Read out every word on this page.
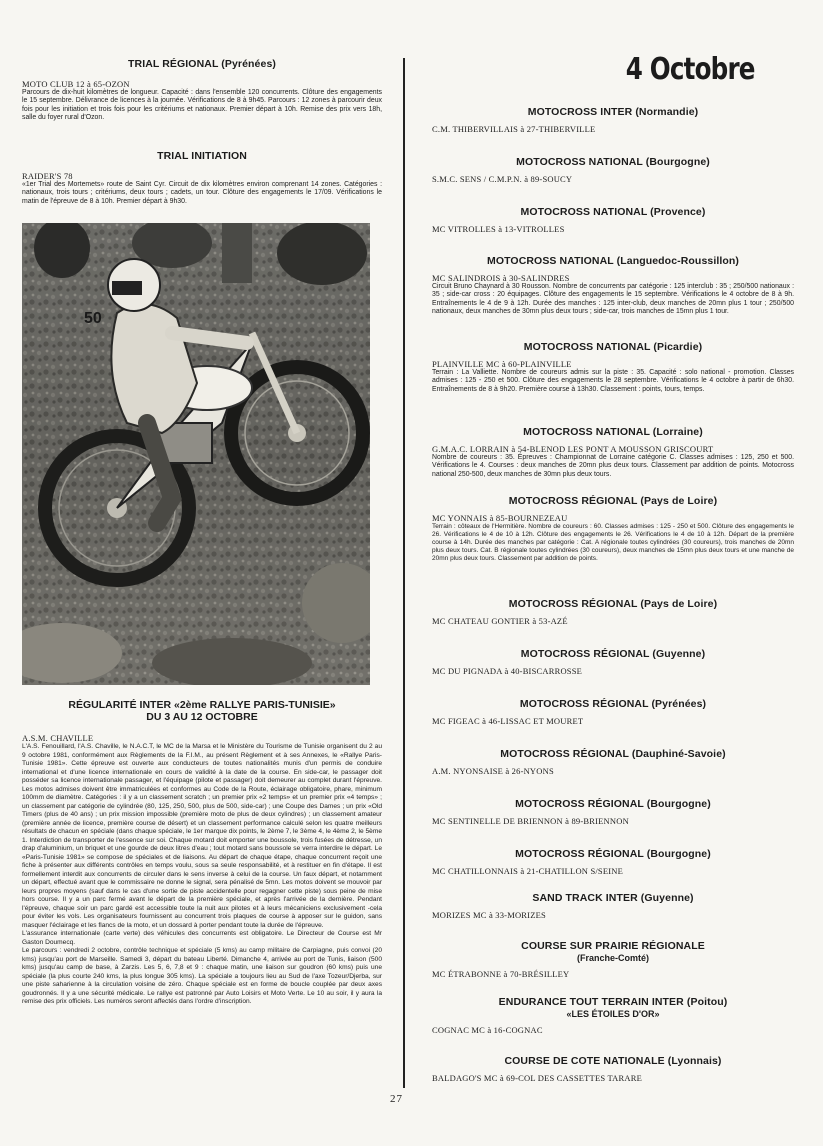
TRIAL RÉGIONAL (Pyrénées)

MOTO CLUB 12 à 65-OZON

Parcours de dix-huit kilomètres de longueur. Capacité : dans l'ensemble 120 concurrents. Clôture des engagements le 15 septembre. Délivrance de licences à la journée. Vérifications de 8 à 9h45. Parcours : 12 zones à parcourir deux fois pour les initiation et trois fois pour les critériums et nationaux. Premier départ à 10h. Remise des prix vers 18h, salle du foyer rural d'Ozon.

TRIAL INITIATION

RAIDER'S 78

«1er Trial des Mortemets» route de Saint Cyr. Circuit de dix kilomètres environ comprenant 14 zones. Catégories : nationaux, trois tours ; critériums, deux tours ; cadets, un tour. Clôture des engagements le 17/09. Vérifications le matin de l'épreuve de 8 à 10h. Premier départ à 9h30.

50

RÉGULARITÉ INTER «2ème RALLYE PARIS-TUNISIE»

DU 3 AU 12 OCTOBRE

A.S.M. CHAVILLE

L'A.S. Fenouillard, l'A.S. Chaville, le N.A.C.T, le MC de la Marsa et le Ministère du Tourisme de Tunisie organisent du 2 au 9 octobre 1981, conformément aux Règlements de la F.I.M., au présent Règlement et à ses Annexes, le «Rallye Paris-Tunisie 1981». Cette épreuve est ouverte aux conducteurs de toutes nationalités munis d'un permis de conduire international et d'une licence internationale en cours de validité à la date de la course. En side-car, le passager doit posséder sa licence internationale passager, et l'équipage (pilote et passager) doit demeurer au complet durant l'épreuve. Les motos admises doivent être immatriculées et conformes au Code de la Route, éclairage obligatoire, phare, minimum 100mm de diamètre. Catégories : il y a un classement scratch ; un premier prix «2 temps» et un premier prix «4 temps» ; un classement par catégorie de cylindrée (80, 125, 250, 500, plus de 500, side-car) ; une Coupe des Dames ; un prix «Old Timers (plus de 40 ans) ; un prix mission impossible (première moto de plus de deux cylindres) ; un classement amateur (première année de licence, première course de désert) et un classement performance calculé selon les quatre meilleurs résultats de chacun en spéciale (dans chaque spéciale, le 1er marque dix points, le 2ème 7, le 3ème 4, le 4ème 2, le 5ème 1. Interdiction de transporter de l'essence sur soi. Chaque motard doit emporter une boussole, trois fusées de détresse, un drap d'aluminium, un briquet et une gourde de deux litres d'eau ; tout motard sans boussole se verra interdire le départ. Le «Paris-Tunisie 1981» se compose de spéciales et de liaisons. Au départ de chaque étape, chaque concurrent reçoit une fiche à présenter aux différents contrôles en temps voulu, sous sa seule responsabilité, et à restituer en fin d'étape. Il est formellement interdit aux concurrents de circuler dans le sens inverse à celui de la course. Un faux départ, et notamment un départ, effectué avant que le commissaire ne donne le signal, sera pénalisé de 5mn. Les motos doivent se mouvoir par leurs propres moyens (sauf dans le cas d'une sortie de piste accidentelle pour regagner cette piste) sous peine de mise hors course. Il y a un parc fermé avant le départ de la première spéciale, et après l'arrivée de la dernière. Pendant l'épreuve, chaque soir un parc gardé est accessible toute la nuit aux pilotes et à leurs mécaniciens exclusivement -cela pour éviter les vols. Les organisateurs fournissent au concurrent trois plaques de course à apposer sur le guidon, sans masquer l'éclairage et les flancs de la moto, et un dossard à porter pendant toute la durée de l'épreuve.

L'assurance internationale (carte verte) des véhicules des concurrents est obligatoire. Le Directeur de Course est Mr Gaston Doumecq.

Le parcours : vendredi 2 octobre, contrôle technique et spéciale (5 kms) au camp militaire de Carpiagne, puis convoi (20 kms) jusqu'au port de Marseille. Samedi 3, départ du bateau Liberté. Dimanche 4, arrivée au port de Tunis, liaison (500 kms) jusqu'au camp de base, à Zarzis. Les 5, 6, 7,8 et 9 : chaque matin, une liaison sur goudron (60 kms) puis une spéciale (la plus courte 240 kms, la plus longue 305 kms). La spéciale a toujours lieu au Sud de l'axe Tozeur/Djerba, sur une piste saharienne à la circulation voisine de zéro. Chaque spéciale est en forme de boucle couplée par deux axes goudronnés. Il y a une sécurité médicale. Le rallye est patronné par Auto Loisirs et Moto Verte. Le 10 au soir, il y aura la remise des prix officiels. Les numéros seront affectés dans l'ordre d'inscription.

4 Octobre

MOTOCROSS INTER (Normandie)

C.M. THIBERVILLAIS à 27-THIBERVILLE

MOTOCROSS NATIONAL (Bourgogne)

S.M.C. SENS / C.M.P.N. à 89-SOUCY

MOTOCROSS NATIONAL (Provence)

MC VITROLLES à 13-VITROLLES

MOTOCROSS NATIONAL (Languedoc-Roussillon)

MC SALINDROIS à 30-SALINDRES

Circuit Bruno Chaynard à 30 Rousson. Nombre de concurrents par catégorie : 125 interclub : 35 ; 250/500 nationaux : 35 ; side-car cross : 20 équipages. Clôture des engagements le 15 septembre. Vérifications le 4 octobre de 8 à 9h. Entraînements le 4 de 9 à 12h. Durée des manches : 125 inter-club, deux manches de 20mn plus 1 tour ; 250/500 nationaux, deux manches de 30mn plus deux tours ; side-car, trois manches de 15mn plus 1 tour.

MOTOCROSS NATIONAL (Picardie)

PLAINVILLE MC à 60-PLAINVILLE

Terrain : La Valliette. Nombre de coureurs admis sur la piste : 35. Capacité : solo national - promotion. Classes admises : 125 - 250 et 500. Clôture des engagements le 28 septembre. Vérifications le 4 octobre à partir de 6h30. Entraînements de 8 à 9h20. Première course à 13h30. Classement : points, tours, temps.

MOTOCROSS NATIONAL (Lorraine)

G.M.A.C. LORRAIN à 54-BLENOD LES PONT A MOUSSON GRISCOURT

Nombre de coureurs : 35. Épreuves : Championnat de Lorraine catégorie C. Classes admises : 125, 250 et 500. Vérifications le 4. Courses : deux manches de 20mn plus deux tours. Classement par addition de points. Motocross national 250-500, deux manches de 30mn plus deux tours.

MOTOCROSS RÉGIONAL (Pays de Loire)

MC YONNAIS à 85-BOURNEZEAU

Terrain : côteaux de l'Hermitière. Nombre de coureurs : 60. Classes admises : 125 - 250 et 500. Clôture des engagements le 26. Vérifications le 4 de 10 à 12h. Clôture des engagements le 26. Vérifications le 4 de 10 à 12h. Départ de la première course à 14h. Durée des manches par catégorie : Cat. A régionale toutes cylindrées (30 coureurs), trois manches de 20mn plus deux tours. Cat. B régionale toutes cylindrées (30 coureurs), deux manches de 15mn plus deux tours et une manche de 20mn plus deux tours. Classement par addition de points.

MOTOCROSS RÉGIONAL (Pays de Loire)

MC CHATEAU GONTIER à 53-AZÉ

MOTOCROSS RÉGIONAL (Guyenne)

MC DU PIGNADA à 40-BISCARROSSE

MOTOCROSS RÉGIONAL (Pyrénées)

MC FIGEAC à 46-LISSAC ET MOURET

MOTOCROSS RÉGIONAL (Dauphiné-Savoie)

A.M. NYONSAISE à 26-NYONS

MOTOCROSS RÉGIONAL (Bourgogne)

MC SENTINELLE DE BRIENNON à 89-BRIENNON

MOTOCROSS RÉGIONAL (Bourgogne)

MC CHATILLONNAIS à 21-CHATILLON S/SEINE

SAND TRACK INTER (Guyenne)

MORIZES MC à 33-MORIZES

COURSE SUR PRAIRIE RÉGIONALE

(Franche-Comté)

MC ÉTRABONNE à 70-BRÉSILLEY

ENDURANCE TOUT TERRAIN INTER (Poitou)

«LES ÉTOILES D'OR»

COGNAC MC à 16-COGNAC

COURSE DE COTE NATIONALE (Lyonnais)

BALDAGO'S MC à 69-COL DES CASSETTES TARARE

27
